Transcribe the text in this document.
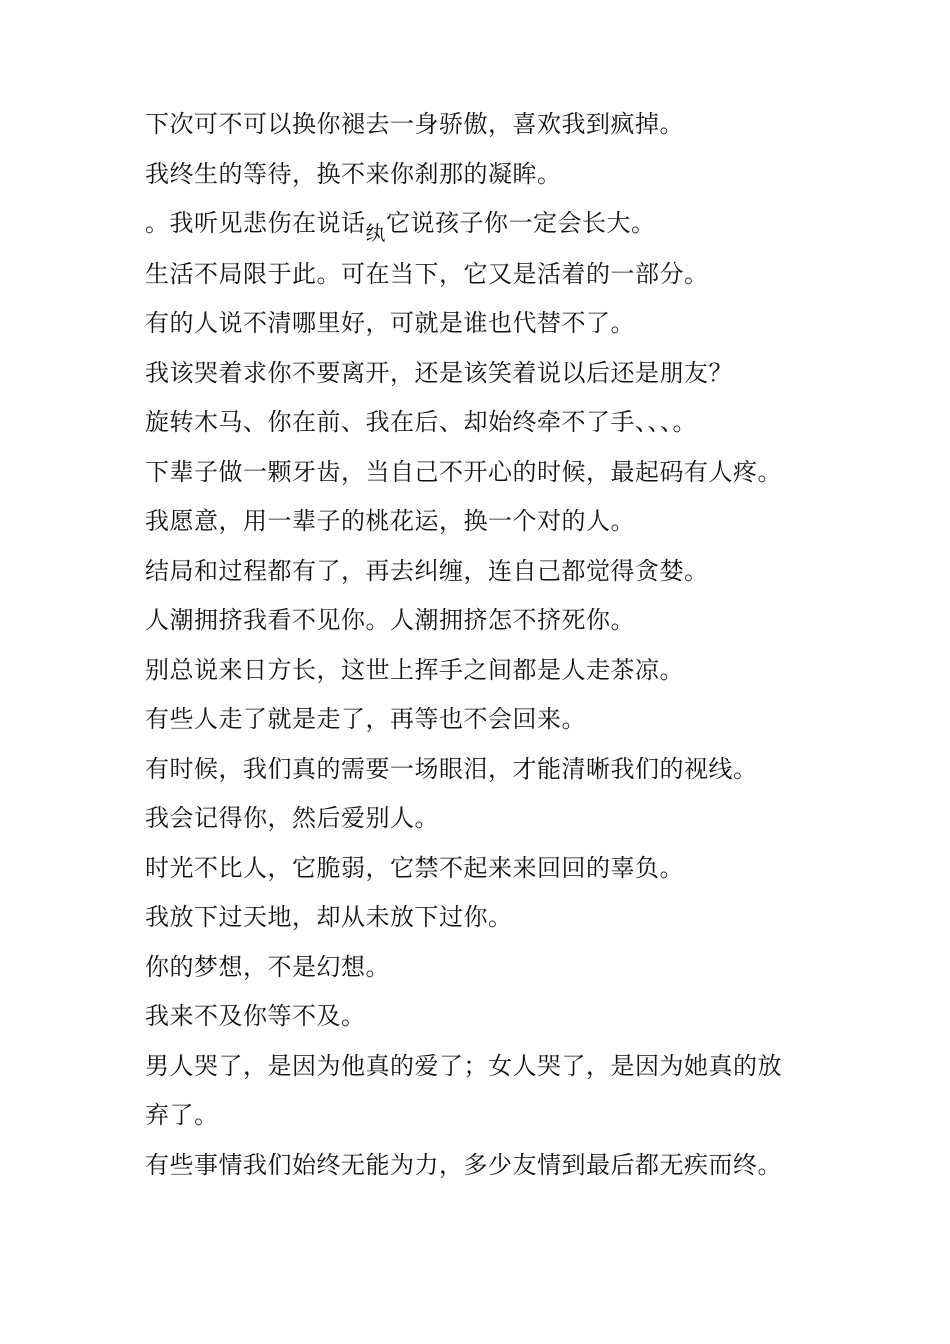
下次可不可以换你褪去一身骄傲，喜欢我到疯掉。

我终生的等待，换不来你刹那的凝眸。

。我听见悲伤在说话纨它说孩子你一定会长大。

生活不局限于此。可在当下，它又是活着的一部分。

有的人说不清哪里好，可就是谁也代替不了。

我该哭着求你不要离开，还是该笑着说以后还是朋友？

旋转木马、你在前、我在后、却始终牵不了手、、、。

下辈子做一颗牙齿，当自己不开心的时候，最起码有人疼。

我愿意，用一辈子的桃花运，换一个对的人。

结局和过程都有了，再去纠缠，连自己都觉得贪婪。

人潮拥挤我看不见你。人潮拥挤怎不挤死你。

别总说来日方长，这世上挥手之间都是人走茶凉。

有些人走了就是走了，再等也不会回来。

有时候，我们真的需要一场眼泪，才能清晰我们的视线。

我会记得你，然后爱别人。

时光不比人，它脆弱，它禁不起来来回回的辜负。

我放下过天地，却从未放下过你。

你的梦想，不是幻想。

我来不及你等不及。

男人哭了，是因为他真的爱了；女人哭了，是因为她真的放

弃了。

有些事情我们始终无能为力，多少友情到最后都无疾而终。
